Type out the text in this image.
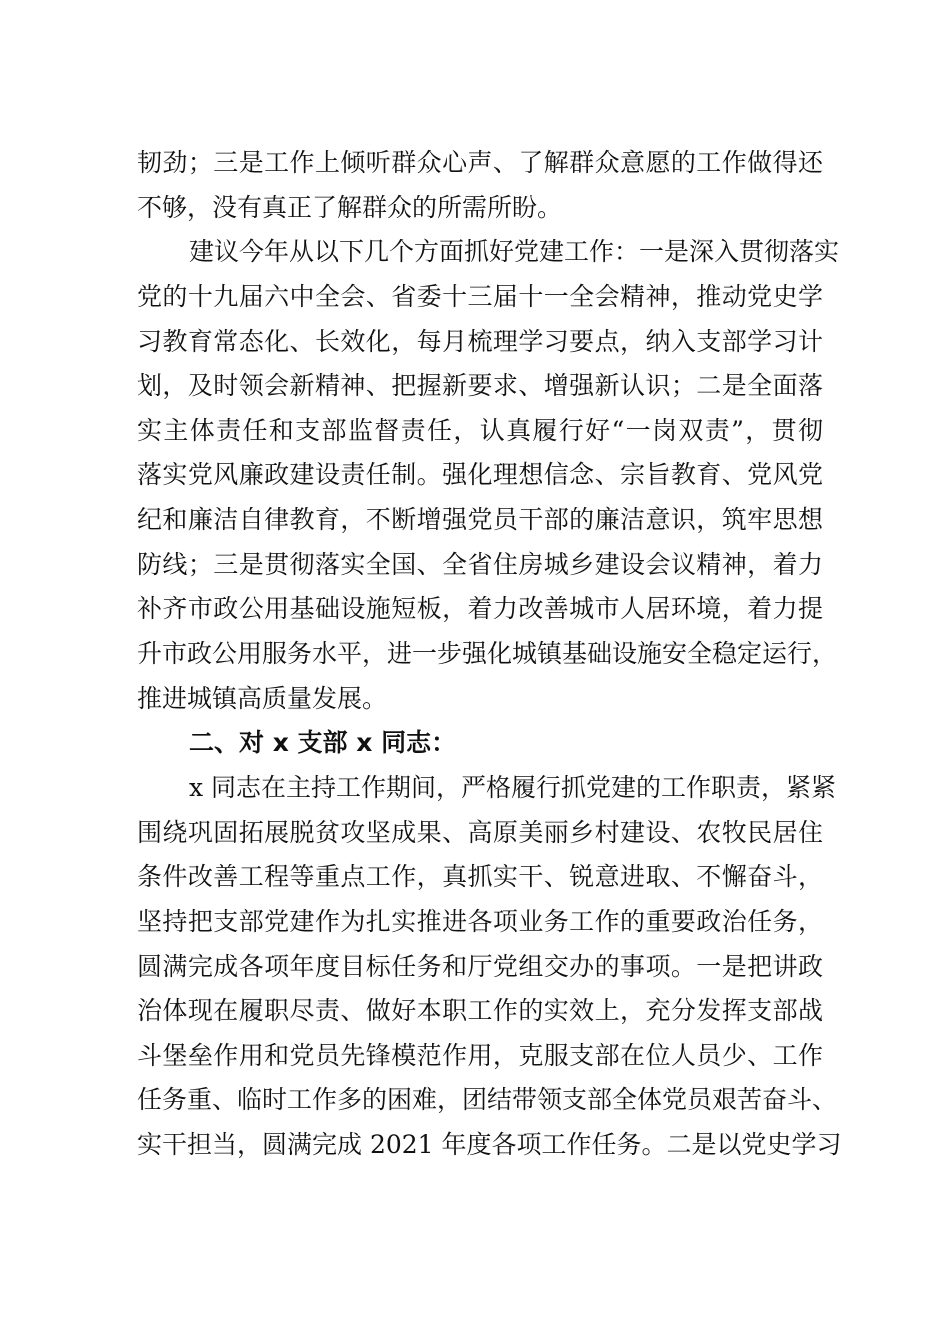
韧劲；三是工作上倾听群众心声、了解群众意愿的工作做得还
不够，没有真正了解群众的所需所盼。
建议今年从以下几个方面抓好党建工作：一是深入贯彻落实
党的十九届六中全会、省委十三届十一全会精神，推动党史学
习教育常态化、长效化，每月梳理学习要点，纳入支部学习计
划，及时领会新精神、把握新要求、增强新认识；二是全面落
实主体责任和支部监督责任，认真履行好“一岗双责”，贯彻
落实党风廉政建设责任制。强化理想信念、宗旨教育、党风党
纪和廉洁自律教育，不断增强党员干部的廉洁意识，筑牢思想
防线；三是贯彻落实全国、全省住房城乡建设会议精神，着力
补齐市政公用基础设施短板，着力改善城市人居环境，着力提
升市政公用服务水平，进一步强化城镇基础设施安全稳定运行，
推进城镇高质量发展。
二、对 x 支部 x 同志：
x 同志在主持工作期间，严格履行抓党建的工作职责，紧紧
围绕巩固拓展脱贫攻坚成果、高原美丽乡村建设、农牧民居住
条件改善工程等重点工作，真抓实干、锐意进取、不懈奋斗，
坚持把支部党建作为扎实推进各项业务工作的重要政治任务，
圆满完成各项年度目标任务和厅党组交办的事项。一是把讲政
治体现在履职尽责、做好本职工作的实效上，充分发挥支部战
斗堡垒作用和党员先锋模范作用，克服支部在位人员少、工作
任务重、临时工作多的困难，团结带领支部全体党员艰苦奋斗、
实干担当，圆满完成 2021 年度各项工作任务。二是以党史学习
